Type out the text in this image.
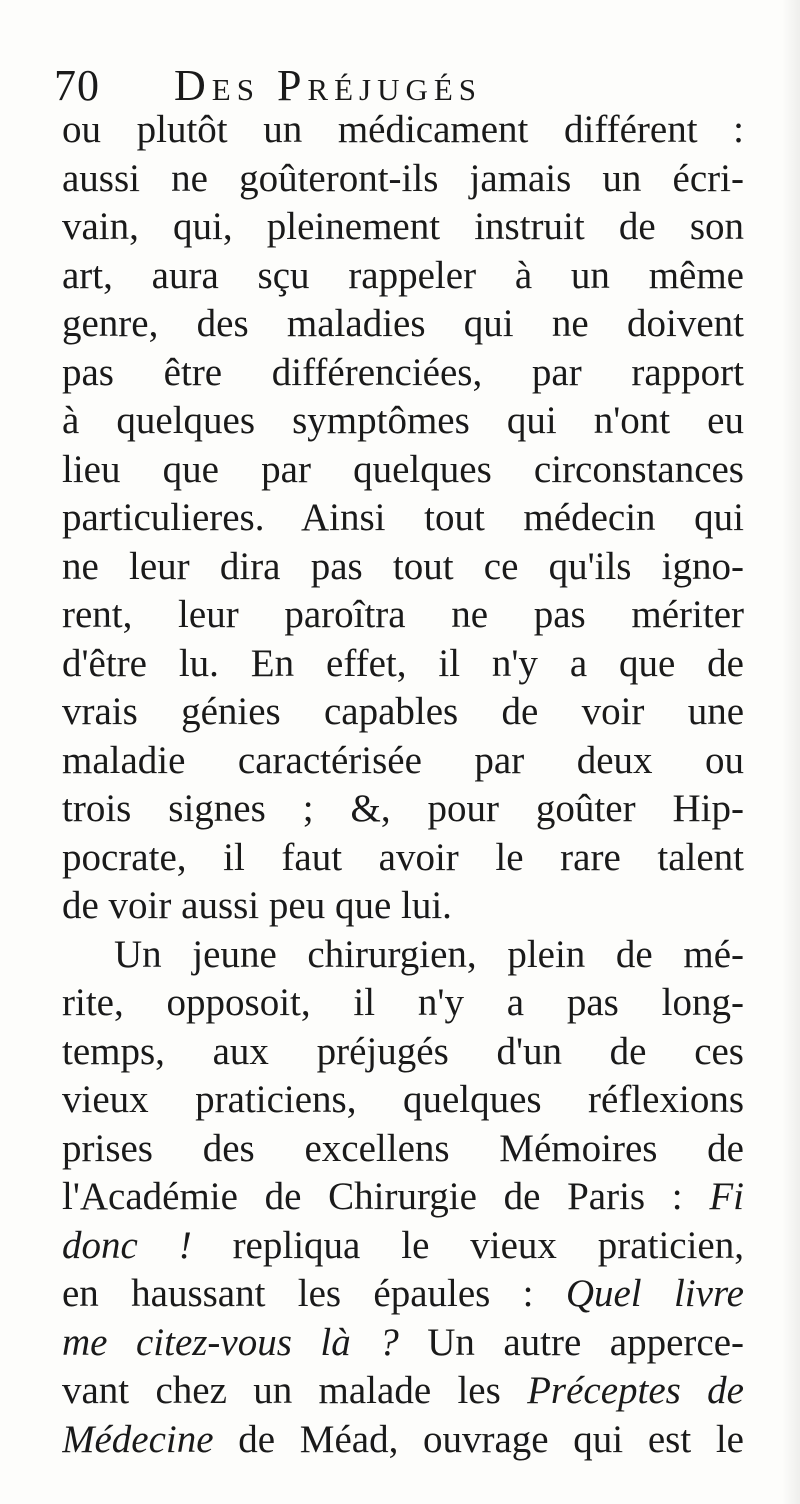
70 Des Préjugés
ou plutôt un médicament différent :
aussi ne goûteront-ils jamais un écri-
vain, qui, pleinement instruit de son
art, aura sçu rappeler à un même
genre, des maladies qui ne doivent
pas être différenciées, par rapport
à quelques symptômes qui n'ont eu
lieu que par quelques circonstances
particulieres. Ainsi tout médecin qui
ne leur dira pas tout ce qu'ils igno-
rent, leur paroîtra ne pas mériter
d'être lu. En effet, il n'y a que de
vrais génies capables de voir une
maladie caractérisée par deux ou
trois signes ; &, pour goûter Hip-
pocrate, il faut avoir le rare talent
de voir aussi peu que lui.
Un jeune chirurgien, plein de mé-
rite, opposoit, il n'y a pas long-
temps, aux préjugés d'un de ces
vieux praticiens, quelques réflexions
prises des excellens Mémoires de
l'Académie de Chirurgie de Paris : Fi
donc ! repliqua le vieux praticien,
en haussant les épaules : Quel livre
me citez-vous là ? Un autre apperce-
vant chez un malade les Préceptes de
Médecine de Méad, ouvrage qui est le
